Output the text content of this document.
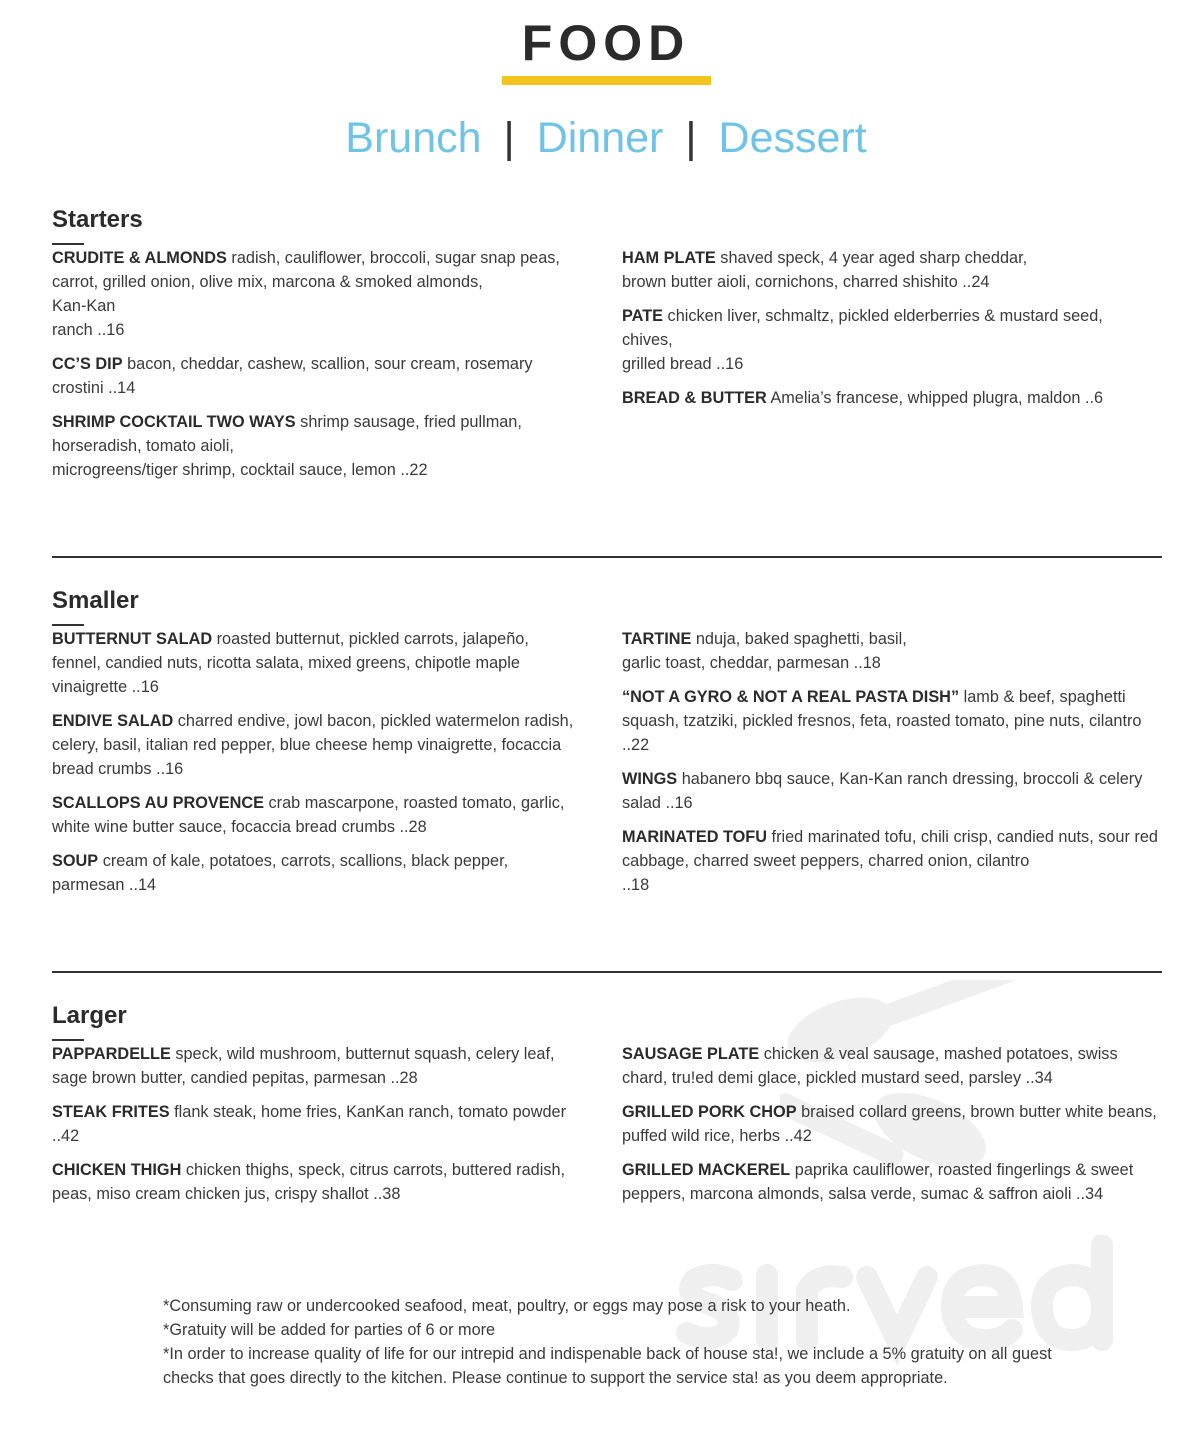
FOOD
Brunch | Dinner | Dessert
Starters
CRUDITE & ALMONDS radish, cauliflower, broccoli, sugar snap peas, carrot, grilled onion, olive mix, marcona & smoked almonds,
Kan-Kan
ranch ..16
CC’S DIP bacon, cheddar, cashew, scallion, sour cream, rosemary crostini ..14
SHRIMP COCKTAIL TWO WAYS shrimp sausage, fried pullman,
horseradish, tomato aioli,
microgreens/tiger shrimp, cocktail sauce, lemon ..22
HAM PLATE shaved speck, 4 year aged sharp cheddar,
brown butter aioli, cornichons, charred shishito ..24
PATE chicken liver, schmaltz, pickled elderberries & mustard seed,
chives,
grilled bread ..16
BREAD & BUTTER Amelia’s francese, whipped plugra, maldon ..6
Smaller
BUTTERNUT SALAD roasted butternut, pickled carrots, jalapeño, fennel, candied nuts, ricotta salata, mixed greens, chipotle maple vinaigrette ..16
ENDIVE SALAD charred endive, jowl bacon, pickled watermelon radish, celery, basil, italian red pepper, blue cheese hemp vinaigrette, focaccia bread crumbs ..16
SCALLOPS AU PROVENCE crab mascarpone, roasted tomato, garlic, white wine butter sauce, focaccia bread crumbs ..28
SOUP cream of kale, potatoes, carrots, scallions, black pepper, parmesan ..14
TARTINE nduja, baked spaghetti, basil,
garlic toast, cheddar, parmesan ..18
“NOT A GYRO & NOT A REAL PASTA DISH” lamb & beef, spaghetti squash, tzatziki, pickled fresnos, feta, roasted tomato, pine nuts, cilantro ..22
WINGS habanero bbq sauce, Kan-Kan ranch dressing, broccoli & celery salad ..16
MARINATED TOFU fried marinated tofu, chili crisp, candied nuts, sour red cabbage, charred sweet peppers, charred onion, cilantro
..18
Larger
PAPPARDELLE speck, wild mushroom, butternut squash, celery leaf, sage brown butter, candied pepitas, parmesan ..28
STEAK FRITES flank steak, home fries, KanKan ranch, tomato powder ..42
CHICKEN THIGH chicken thighs, speck, citrus carrots, buttered radish, peas, miso cream chicken jus, crispy shallot ..38
SAUSAGE PLATE chicken & veal sausage, mashed potatoes, swiss chard, tru!ed demi glace, pickled mustard seed, parsley ..34
GRILLED PORK CHOP braised collard greens, brown butter white beans, puffed wild rice, herbs ..42
GRILLED MACKEREL paprika cauliflower, roasted fingerlings & sweet peppers, marcona almonds, salsa verde, sumac & saffron aioli ..34
*Consuming raw or undercooked seafood, meat, poultry, or eggs may pose a risk to your heath.
*Gratuity will be added for parties of 6 or more
*In order to increase quality of life for our intrepid and indispenable back of house sta!, we include a 5% gratuity on all guest checks that goes directly to the kitchen. Please continue to support the service sta! as you deem appropriate.
